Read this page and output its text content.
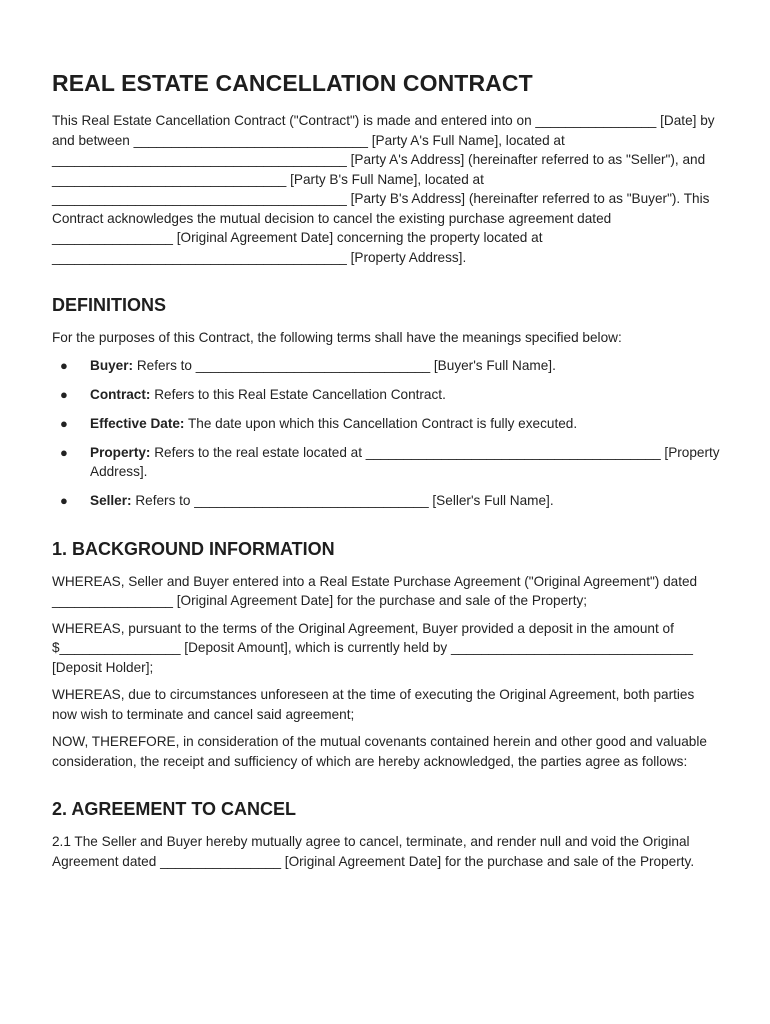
REAL ESTATE CANCELLATION CONTRACT

This Real Estate Cancellation Contract ("Contract") is made and entered into on ________________ [Date] by and between _______________________________ [Party A's Full Name], located at _______________________________________ [Party A's Address] (hereinafter referred to as "Seller"), and _______________________________ [Party B's Full Name], located at _______________________________________ [Party B's Address] (hereinafter referred to as "Buyer"). This Contract acknowledges the mutual decision to cancel the existing purchase agreement dated ________________ [Original Agreement Date] concerning the property located at _______________________________________ [Property Address].

DEFINITIONS

For the purposes of this Contract, the following terms shall have the meanings specified below:

● Buyer: Refers to _______________________________ [Buyer's Full Name].
● Contract: Refers to this Real Estate Cancellation Contract.
● Effective Date: The date upon which this Cancellation Contract is fully executed.
● Property: Refers to the real estate located at _______________________________________ [Property Address].
● Seller: Refers to _______________________________ [Seller's Full Name].
1. BACKGROUND INFORMATION

WHEREAS, Seller and Buyer entered into a Real Estate Purchase Agreement ("Original Agreement") dated ________________ [Original Agreement Date] for the purchase and sale of the Property;

WHEREAS, pursuant to the terms of the Original Agreement, Buyer provided a deposit in the amount of $________________ [Deposit Amount], which is currently held by ________________________________ [Deposit Holder];

WHEREAS, due to circumstances unforeseen at the time of executing the Original Agreement, both parties now wish to terminate and cancel said agreement;

NOW, THEREFORE, in consideration of the mutual covenants contained herein and other good and valuable consideration, the receipt and sufficiency of which are hereby acknowledged, the parties agree as follows:

2. AGREEMENT TO CANCEL

2.1 The Seller and Buyer hereby mutually agree to cancel, terminate, and render null and void the Original Agreement dated ________________ [Original Agreement Date] for the purchase and sale of the Property.
